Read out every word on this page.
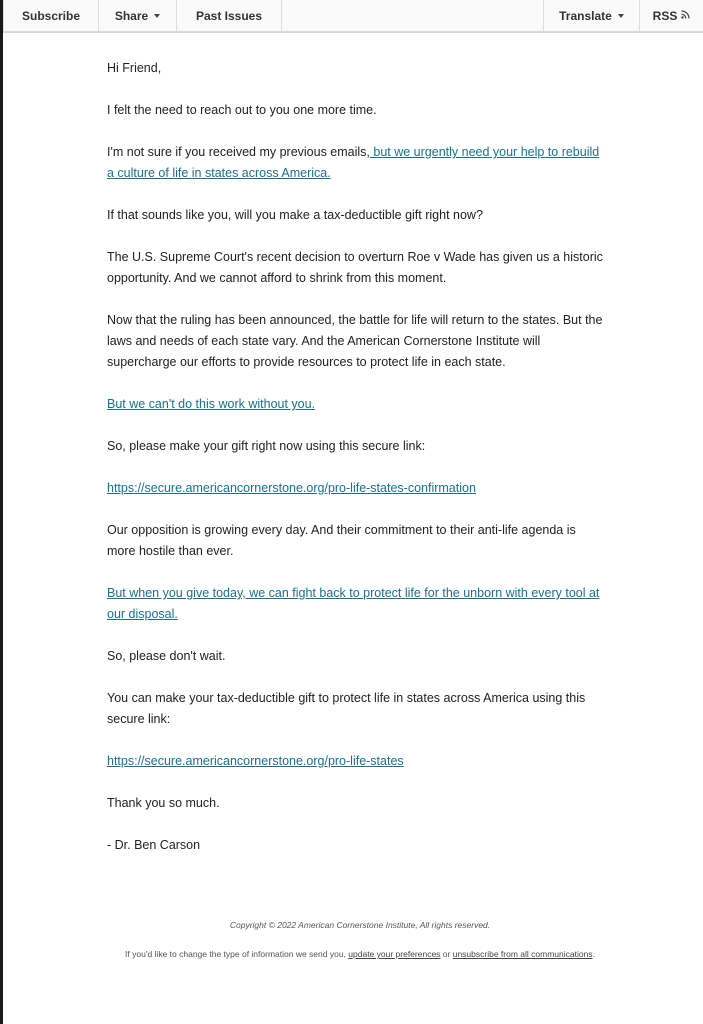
Subscribe	Share	Past Issues	Translate	RSS

Hi Friend,

I felt the need to reach out to you one more time.

I'm not sure if you received my previous emails, but we urgently need your help to rebuild a culture of life in states across America.

If that sounds like you, will you make a tax-deductible gift right now?

The U.S. Supreme Court's recent decision to overturn Roe v Wade has given us a historic opportunity. And we cannot afford to shrink from this moment.

Now that the ruling has been announced, the battle for life will return to the states. But the laws and needs of each state vary. And the American Cornerstone Institute will supercharge our efforts to provide resources to protect life in each state.

But we can't do this work without you.

So, please make your gift right now using this secure link:

https://secure.americancornerstone.org/pro-life-states-confirmation

Our opposition is growing every day. And their commitment to their anti-life agenda is more hostile than ever.

But when you give today, we can fight back to protect life for the unborn with every tool at our disposal.

So, please don't wait.

You can make your tax-deductible gift to protect life in states across America using this secure link:

https://secure.americancornerstone.org/pro-life-states

Thank you so much.

- Dr. Ben Carson

Copyright © 2022 American Cornerstone Institute, All rights reserved.

If you'd like to change the type of information we send you, update your preferences or unsubscribe from all communications.
